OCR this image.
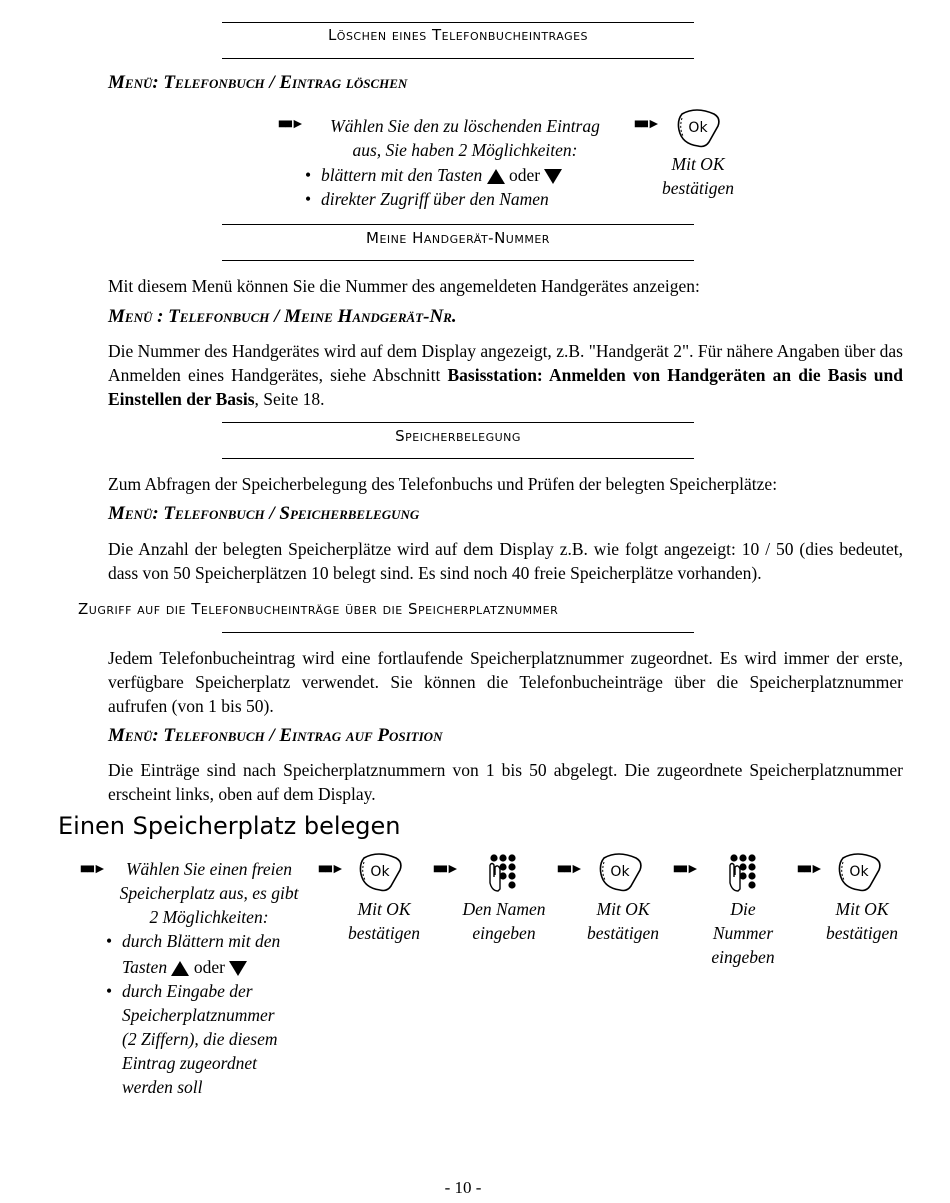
Löschen eines Telefonbucheintrages
Menü: Telefonbuch / Eintrag löschen
■■►	Wählen Sie den zu löschenden Eintrag
aus, Sie haben 2 Möglichkeiten:
• blättern mit den Tasten oder
• direkter Zugriff über den Namen
■■► Ok
Mit OK
bestätigen
Meine Handgerät-Nummer
Mit diesem Menü können Sie die Nummer des angemeldeten Handgerätes anzeigen:
Menü : Telefonbuch / Meine Handgerät-Nr.
Die Nummer des Handgerätes wird auf dem Display angezeigt, z.B. "Handgerät 2". Für nähere Angaben über das Anmelden eines Handgerätes, siehe Abschnitt Basisstation: Anmelden von Handgeräten an die Basis und Einstellen der Basis, Seite 18.
Speicherbelegung
Zum Abfragen der Speicherbelegung des Telefonbuchs und Prüfen der belegten Speicherplätze:
Menü: Telefonbuch / Speicherbelegung
Die Anzahl der belegten Speicherplätze wird auf dem Display z.B. wie folgt angezeigt: 10 / 50 (dies bedeutet, dass von 50 Speicherplätzen 10 belegt sind. Es sind noch 40 freie Speicherplätze vorhanden).
Zugriff auf die Telefonbucheinträge über die Speicherplatznummer
Jedem Telefonbucheintrag wird eine fortlaufende Speicherplatznummer zugeordnet. Es wird immer der erste, verfügbare Speicherplatz verwendet. Sie können die Telefonbucheinträge über die Speicherplatznummer aufrufen (von 1 bis 50).
Menü: Telefonbuch / Eintrag auf Position
Die Einträge sind nach Speicherplatznummern von 1 bis 50 abgelegt. Die zugeordnete Speicherplatznummer erscheint links, oben auf dem Display.
Einen Speicherplatz belegen
■■►	Wählen Sie einen freien
Speicherplatz aus, es gibt
2 Möglichkeiten:
• durch Blättern mit den
Tasten oder
• durch Eingabe der
Speicherplatznummer
(2 Ziffern), die diesem
Eintrag zugeordnet
werden soll
■■► Ok	■■►	■■► Ok	■■►	■■► Ok
Mit OK
bestätigen
Den Namen
eingeben
Mit OK
bestätigen
Die
Nummer
eingeben
Mit OK
bestätigen
- 10 -
